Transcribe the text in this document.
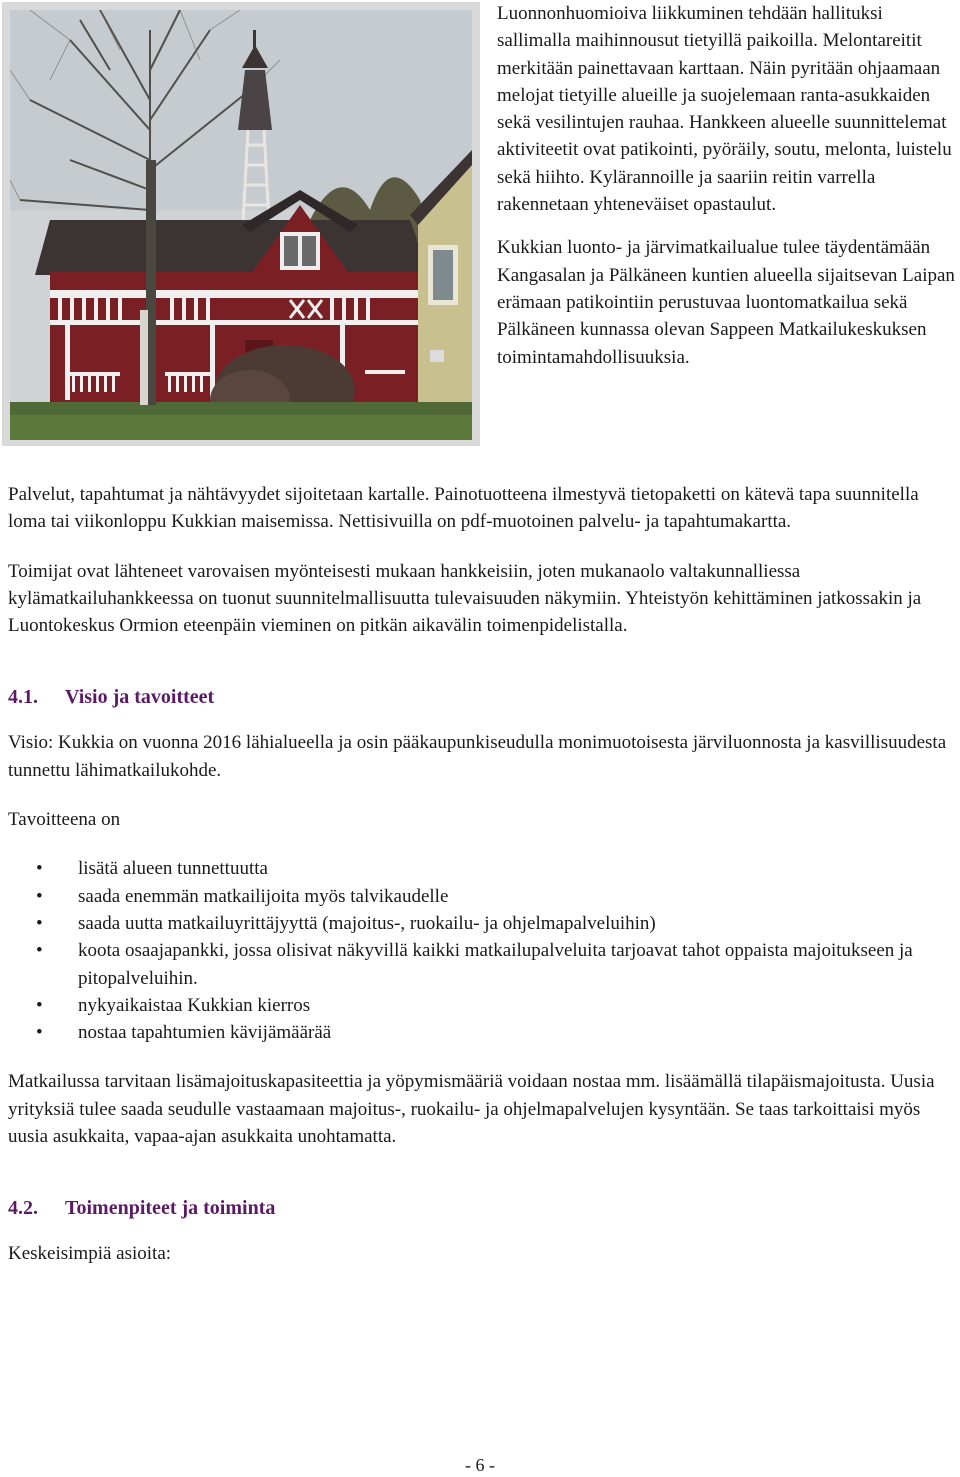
Luonnonhuomioiva liikkuminen tehdään hallituksi sallimalla maihinnousut tietyillä paikoilla. Melontareitit merkitään painettavaan karttaan. Näin pyritään ohjaamaan melojat tietyille alueille ja suojelemaan ranta-asukkaiden sekä vesilintujen rauhaa. Hankkeen alueelle suunnittelemat aktiviteetit ovat patikointi, pyöräily, soutu, melonta, luistelu sekä hiihto. Kylärannoille ja saariin reitin varrella rakennetaan yhteneväiset opastaulut.

Kukkian luonto- ja järvimatkailualue tulee täydentämään Kangasalan ja Pälkäneen kuntien alueella sijaitsevan Laipan erämaan patikointiin perustuvaa luontomatkailua sekä Pälkäneen kunnassa olevan Sappeen Matkailukeskuksen toimintamahdollisuuksia.

Palvelut, tapahtumat ja nähtävyydet sijoitetaan kartalle. Painotuotteena ilmestyvä tietopaketti on kätevä tapa suunnitella loma tai viikonloppu Kukkian maisemissa. Nettisivuilla on pdf-muotoinen palvelu- ja tapahtumakartta.

Toimijat ovat lähteneet varovaisen myönteisesti mukaan hankkeisiin, joten mukanaolo valtakunnalliessa kylämatkailuhankkeessa on tuonut suunnitelmallisuutta tulevaisuuden näkymiin. Yhteistyön kehittäminen jatkossakin ja Luontokeskus Ormion eteenpäin vieminen on pitkän aikavälin toimenpidelistalla.

4.1. Visio ja tavoitteet

Visio: Kukkia on vuonna 2016 lähialueella ja osin pääkaupunkiseudulla monimuotoisesta järviluonnosta ja kasvillisuudesta tunnettu lähimatkailukohde.

Tavoitteena on

• lisätä alueen tunnettuutta
• saada enemmän matkailijoita myös talvikaudelle
• saada uutta matkailuyrittäjyyttä (majoitus-, ruokailu- ja ohjelmapalveluihin)
• koota osaajapankki, jossa olisivat näkyvillä kaikki matkailupalveluita tarjoavat tahot oppaista majoitukseen ja pitopalveluihin.
• nykyaikaistaa Kukkian kierros
• nostaa tapahtumien kävijämäärää

Matkailussa tarvitaan lisämajoituskapasiteettia ja yöpymismääriä voidaan nostaa mm. lisäämällä tilapäismajoitusta. Uusia yrityksiä tulee saada seudulle vastaamaan majoitus-, ruokailu- ja ohjelmapalvelujen kysyntään. Se taas tarkoittaisi myös uusia asukkaita, vapaa-ajan asukkaita unohtamatta.

4.2. Toimenpiteet ja toiminta

Keskeisimpiä asioita:

- 6 -
